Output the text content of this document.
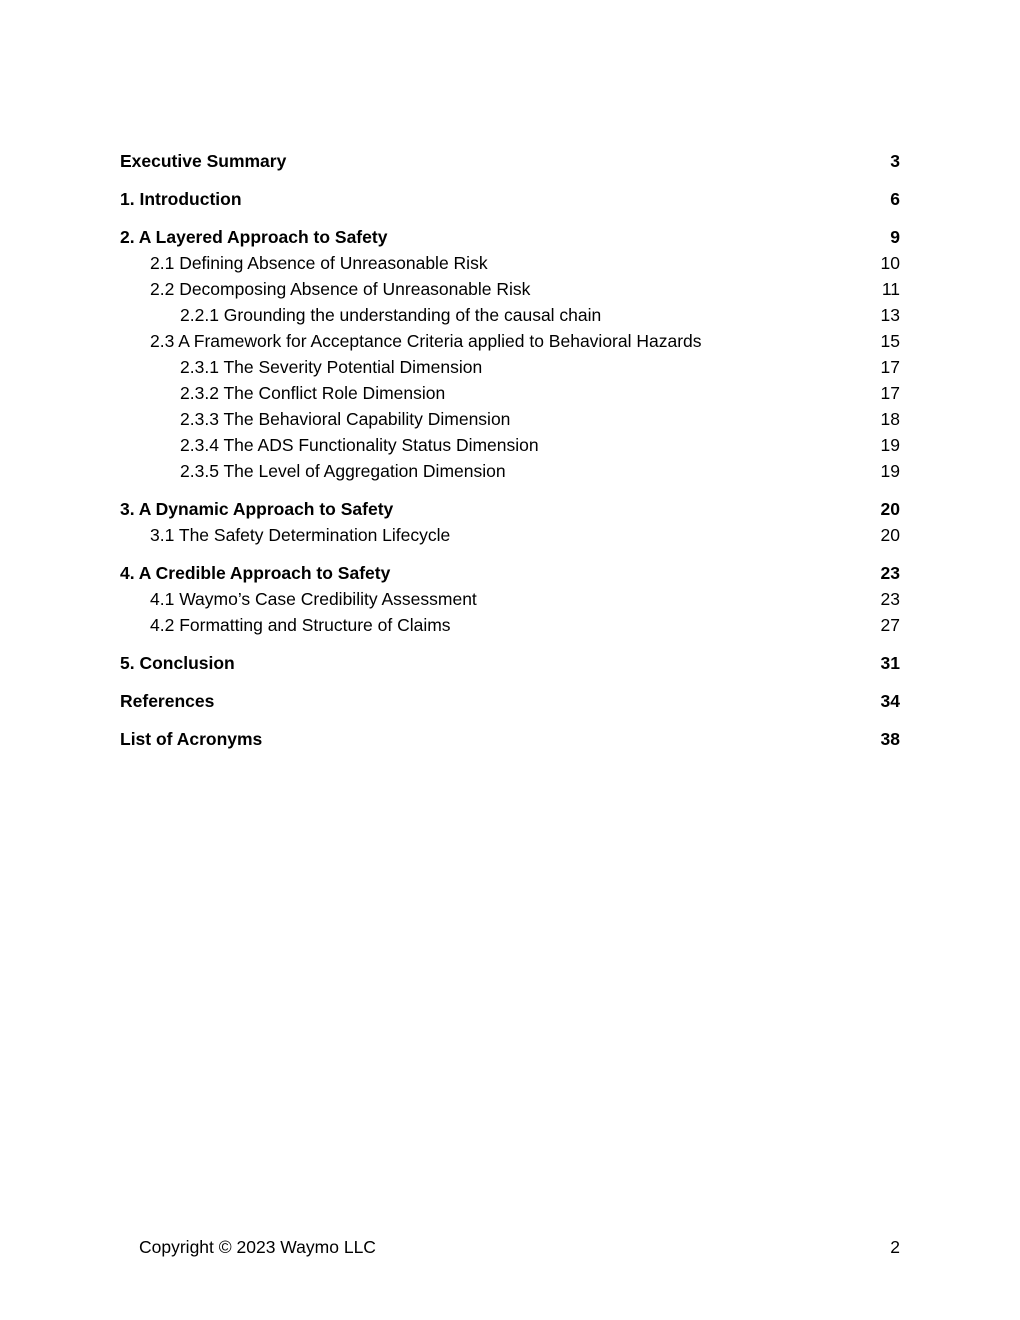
Executive Summary	3
1. Introduction	6
2. A Layered Approach to Safety	9
2.1 Defining Absence of Unreasonable Risk	10
2.2 Decomposing Absence of Unreasonable Risk	11
2.2.1 Grounding the understanding of the causal chain	13
2.3 A Framework for Acceptance Criteria applied to Behavioral Hazards	15
2.3.1 The Severity Potential Dimension	17
2.3.2 The Conflict Role Dimension	17
2.3.3 The Behavioral Capability Dimension	18
2.3.4 The ADS Functionality Status Dimension	19
2.3.5 The Level of Aggregation Dimension	19
3. A Dynamic Approach to Safety	20
3.1 The Safety Determination Lifecycle	20
4. A Credible Approach to Safety	23
4.1 Waymo’s Case Credibility Assessment	23
4.2 Formatting and Structure of Claims	27
5. Conclusion	31
References	34
List of Acronyms	38
Copyright © 2023 Waymo LLC	2
